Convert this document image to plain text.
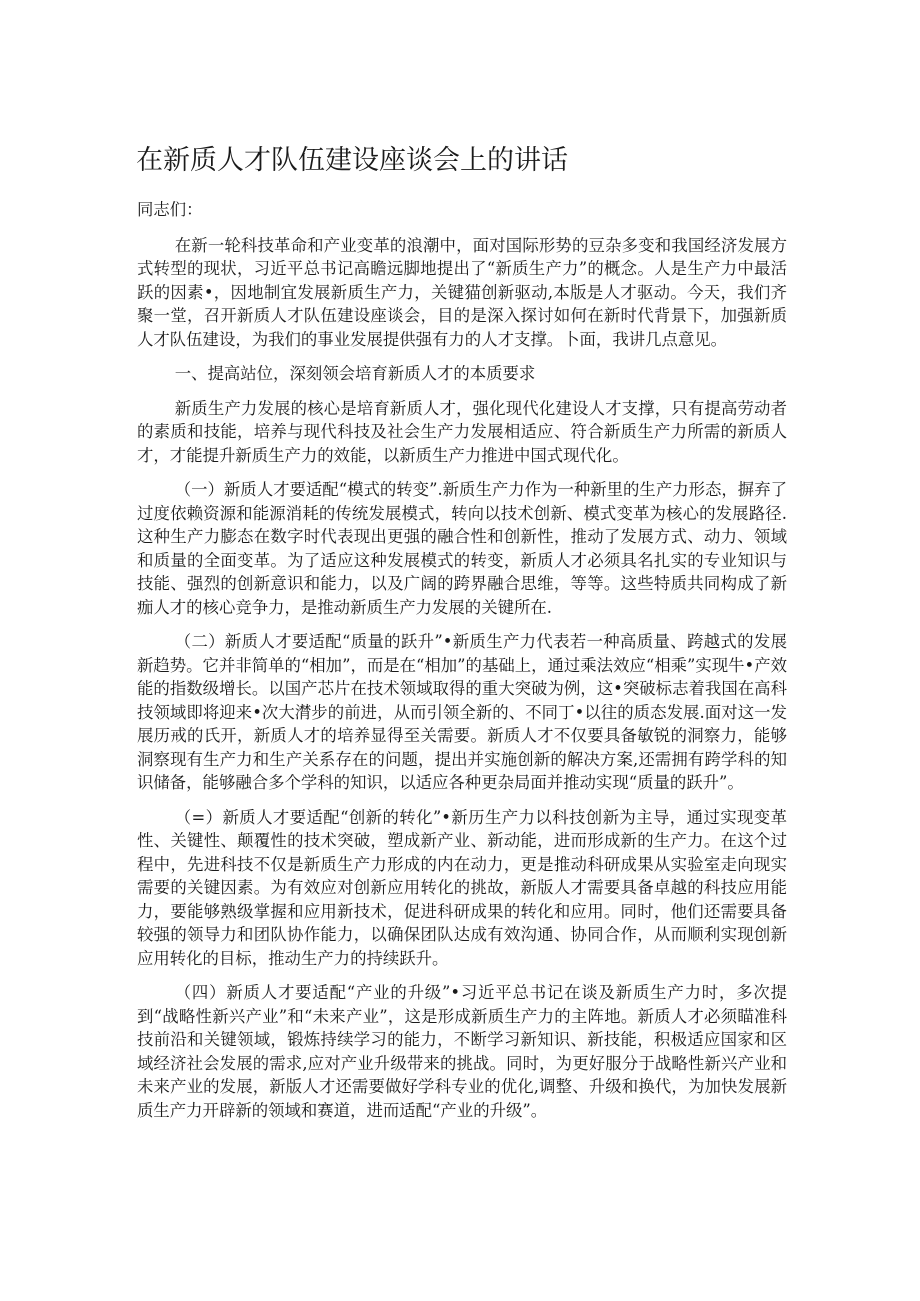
在新质人才队伍建设座谈会上的讲话

同志们：

在新一轮科技革命和产业变革的浪潮中，面对国际形势的豆杂多变和我国经济发展方式转型的现状，习近平总书记高瞻远脚地提出了“新质生产力”的概念。人是生产力中最活跃的因素•，因地制宜发展新质生产力，关键猫创新驱动,本版是人才驱动。今天，我们齐聚一堂，召开新质人才队伍建设座谈会，目的是深入探讨如何在新时代背景下，加强新质人才队伍建设，为我们的事业发展提供强有力的人才支撑。卜面，我讲几点意见。

一、提高站位，深刻领会培育新质人才的本质要求

新质生产力发展的核心是培育新质人才，强化现代化建设人才支撑，只有提高劳动者的素质和技能，培养与现代科技及社会生产力发展相适应、符合新质生产力所需的新质人才，才能提升新质生产力的效能，以新质生产力推进中国式现代化。

（一）新质人才要适配“模式的转变”.新质生产力作为一种新里的生产力形态，摒弃了过度依赖资源和能源消耗的传统发展模式，转向以技术创新、模式变革为核心的发展路径.这种生产力膨态在数字时代表现出更强的融合性和创新性，推动了发展方式、动力、领域和质量的全面变革。为了适应这种发展模式的转变，新质人才必须具名扎实的专业知识与技能、强烈的创新意识和能力，以及广阔的跨界融合思维，等等。这些特质共同构成了新痂人才的核心竞争力，是推动新质生产力发展的关键所在.

（二）新质人才要适配“质量的跃升”•新质生产力代表若一种高质量、跨越式的发展新趋势。它并非简单的“相加”，而是在“相加”的基础上，通过乘法效应“相乘”实现牛•产效能的指数级增长。以国产芯片在技术领域取得的重大突破为例，这•突破标志着我国在高科技领域即将迎来•次大潸步的前进，从而引领全新的、不同丁•以往的质态发展.面对这一发展历戒的氏开，新质人才的培养显得至关需要。新质人才不仅要具备敏锐的洞察力，能够洞察现有生产力和生产关系存在的问题，提出并实施创新的解决方案,还需拥有跨学科的知识储备，能够融合多个学科的知识，以适应各种更杂局面并推动实现“质量的跃升”。

（=）新质人才要适配“创新的转化”•新历生产力以科技创新为主导，通过实现变革性、关键性、颠覆性的技术突破，塑成新产业、新动能，进而形成新的生产力。在这个过程中，先进科技不仅是新质生产力形成的内在动力，更是推动科研成果从实验室走向现实需要的关键因素。为有效应对创新应用转化的挑故，新版人才需要具备卓越的科技应用能力，要能够熟级掌握和应用新技术，促进科研成果的转化和应用。同时，他们还需要具备较强的领导力和团队协作能力，以确保团队达成有效沟通、协同合作，从而顺利实现创新应用转化的目标，推动生产力的持续跃升。

（四）新质人才要适配“产业的升级”•习近平总书记在谈及新质生产力时，多次提到“战略性新兴产业”和“未来产业”，这是形成新质生产力的主阵地。新质人才必须瞄准科技前沿和关键领域，锻炼持续学习的能力，不断学习新知识、新技能，积极适应国家和区域经济社会发展的需求,应对产业升级带来的挑战。同时，为更好服分于战略性新兴产业和未来产业的发展，新版人才还需要做好学科专业的优化,调整、升级和换代，为加快发展新质生产力开辟新的领域和赛道，进而适配“产业的升级”。
